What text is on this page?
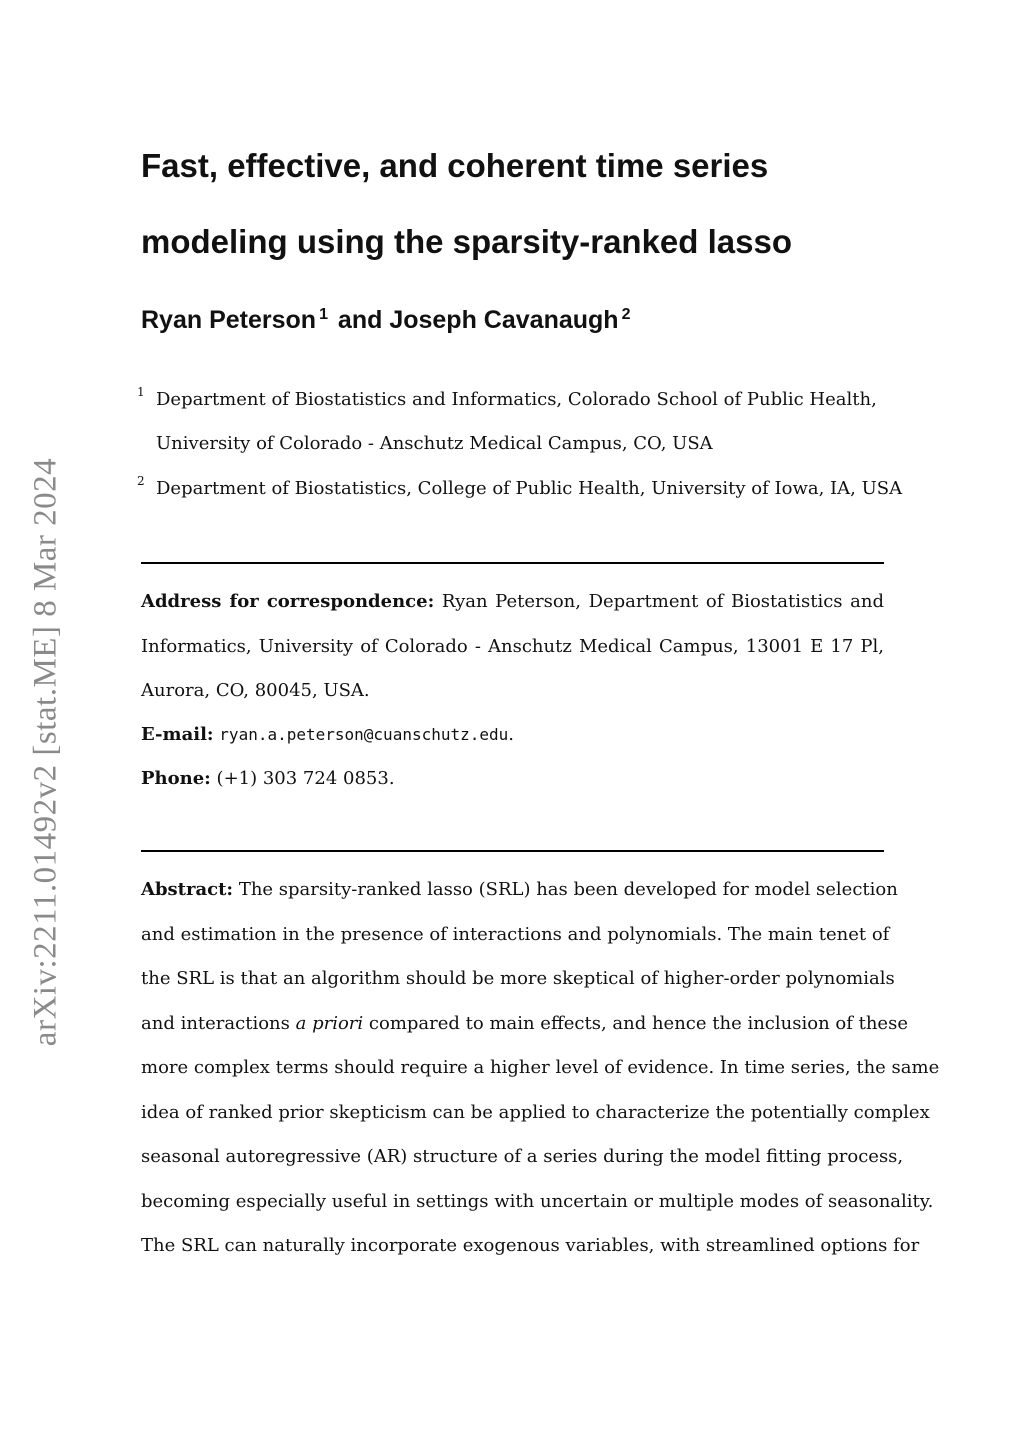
arXiv:2211.01492v2 [stat.ME] 8 Mar 2024
Fast, effective, and coherent time series
modeling using the sparsity-ranked lasso
Ryan Peterson $^1$ and Joseph Cavanaugh $^2$
1 Department of Biostatistics and Informatics, Colorado School of Public Health,
University of Colorado - Anschutz Medical Campus, CO, USA
2 Department of Biostatistics, College of Public Health, University of Iowa, IA, USA
Address for correspondence: Ryan Peterson, Department of Biostatistics and
Informatics, University of Colorado - Anschutz Medical Campus, 13001 E 17 Pl,
Aurora, CO, 80045, USA.
E-mail: ryan.a.peterson@cuanschutz.edu.
Phone: (+1) 303 724 0853.
Abstract: The sparsity-ranked lasso (SRL) has been developed for model selection
and estimation in the presence of interactions and polynomials. The main tenet of
the SRL is that an algorithm should be more skeptical of higher-order polynomials
and interactions a priori compared to main effects, and hence the inclusion of these
more complex terms should require a higher level of evidence. In time series, the same
idea of ranked prior skepticism can be applied to characterize the potentially complex
seasonal autoregressive (AR) structure of a series during the model fitting process,
becoming especially useful in settings with uncertain or multiple modes of seasonality.
The SRL can naturally incorporate exogenous variables, with streamlined options for
